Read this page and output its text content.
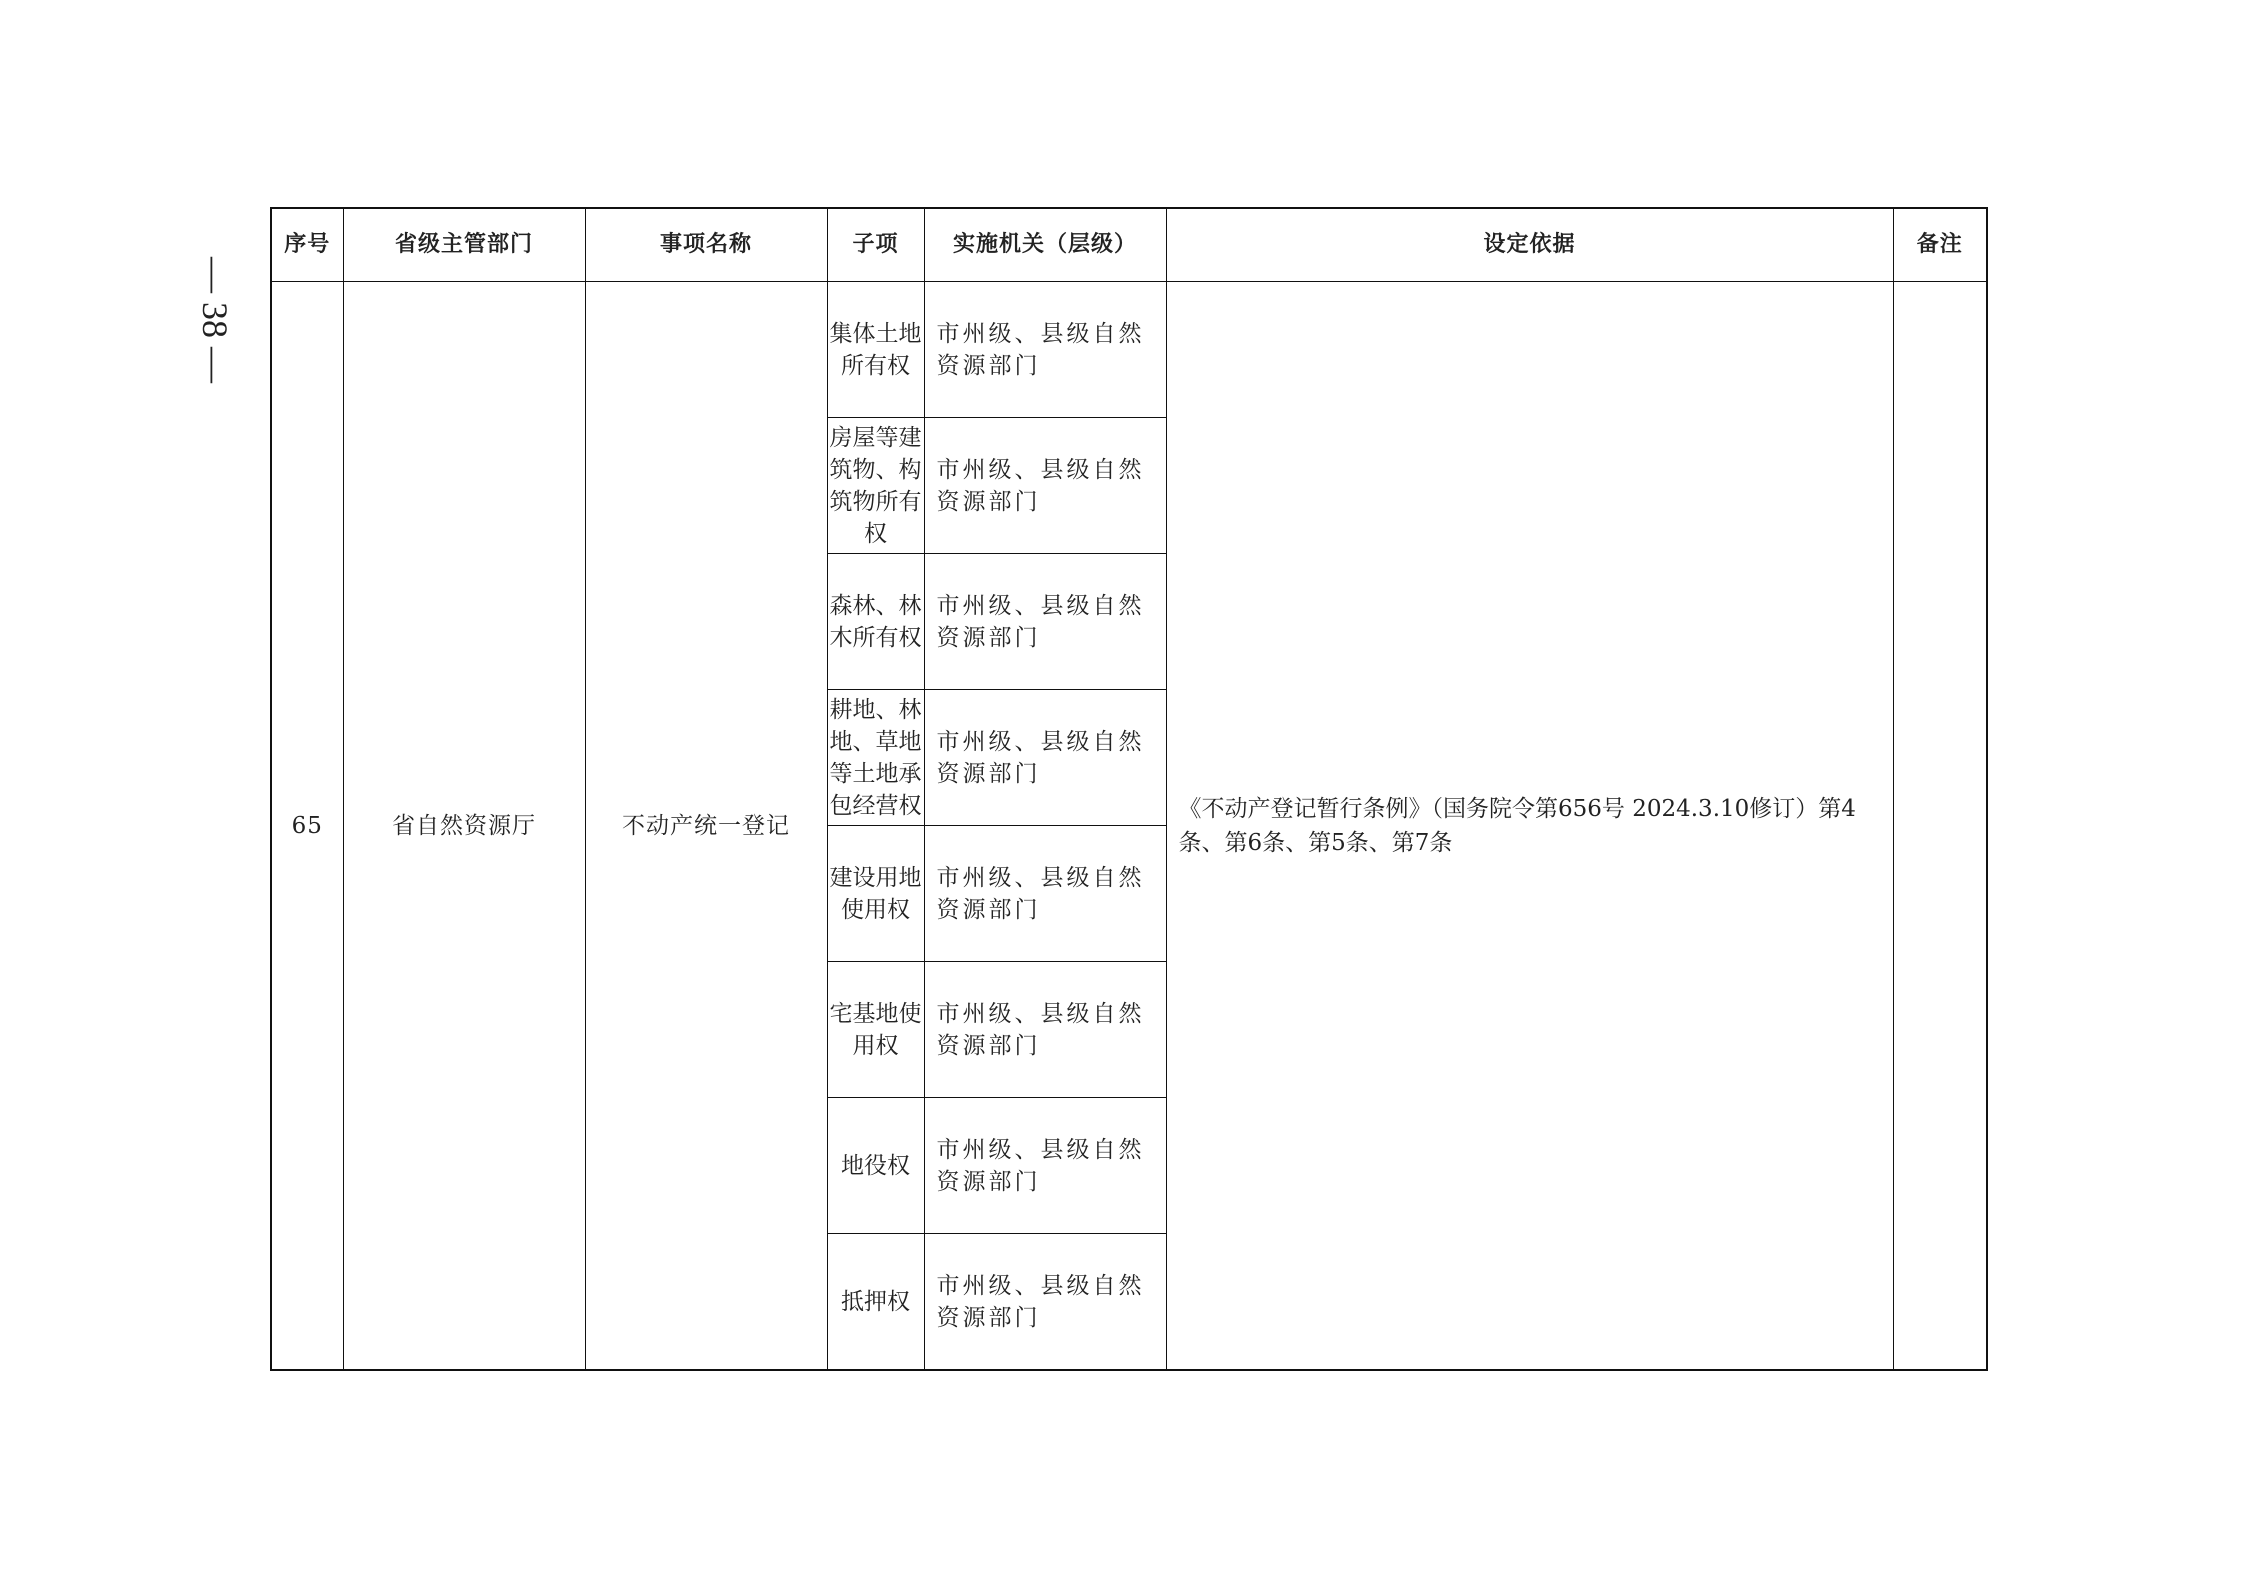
— 38 —
序号	省级主管部门	事项名称	子项	实施机关（层级）	设定依据	备注
65	省自然资源厅	不动产统一登记	集体土地所有权	市州级、县级自然资源部门	《不动产登记暂行条例》（国务院令第656号 2024.3.10修订）第4条、第6条、第5条、第7条	
			房屋等建筑物、构筑物所有权	市州级、县级自然资源部门		
			森林、林木所有权	市州级、县级自然资源部门		
			耕地、林地、草地等土地承包经营权	市州级、县级自然资源部门		
			建设用地使用权	市州级、县级自然资源部门		
			宅基地使用权	市州级、县级自然资源部门		
			地役权	市州级、县级自然资源部门		
			抵押权	市州级、县级自然资源部门		
